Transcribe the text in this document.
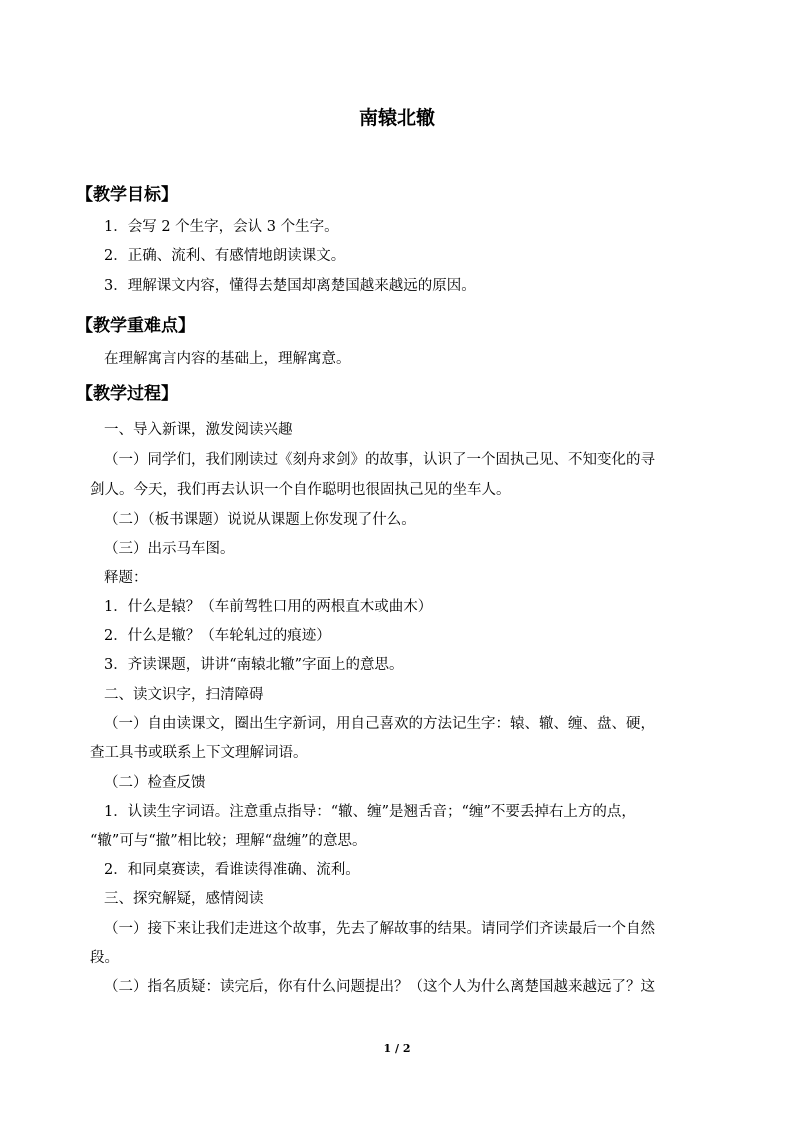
南辕北辙
【教学目标】
1．会写 2 个生字，会认 3 个生字。
2．正确、流利、有感情地朗读课文。
3．理解课文内容，懂得去楚国却离楚国越来越远的原因。
【教学重难点】
在理解寓言内容的基础上，理解寓意。
【教学过程】
一、导入新课，激发阅读兴趣
（一）同学们，我们刚读过《刻舟求剑》的故事，认识了一个固执己见、不知变化的寻
剑人。今天，我们再去认识一个自作聪明也很固执己见的坐车人。
（二）（板书课题）说说从课题上你发现了什么。
（三）出示马车图。
释题：
1．什么是辕？（车前驾牲口用的两根直木或曲木）
2．什么是辙？（车轮轧过的痕迹）
3．齐读课题，讲讲“南辕北辙”字面上的意思。
二、读文识字，扫清障碍
（一）自由读课文，圈出生字新词，用自己喜欢的方法记生字：辕、辙、缠、盘、硬，
查工具书或联系上下文理解词语。
（二）检查反馈
1．认读生字词语。注意重点指导：“辙、缠”是翘舌音；“缠”不要丢掉右上方的点，
“辙”可与“撤”相比较；理解“盘缠”的意思。
2．和同桌赛读，看谁读得准确、流利。
三、探究解疑，感情阅读
（一）接下来让我们走进这个故事，先去了解故事的结果。请同学们齐读最后一个自然
段。
（二）指名质疑：读完后，你有什么问题提出？（这个人为什么离楚国越来越远了？这
1 / 2
